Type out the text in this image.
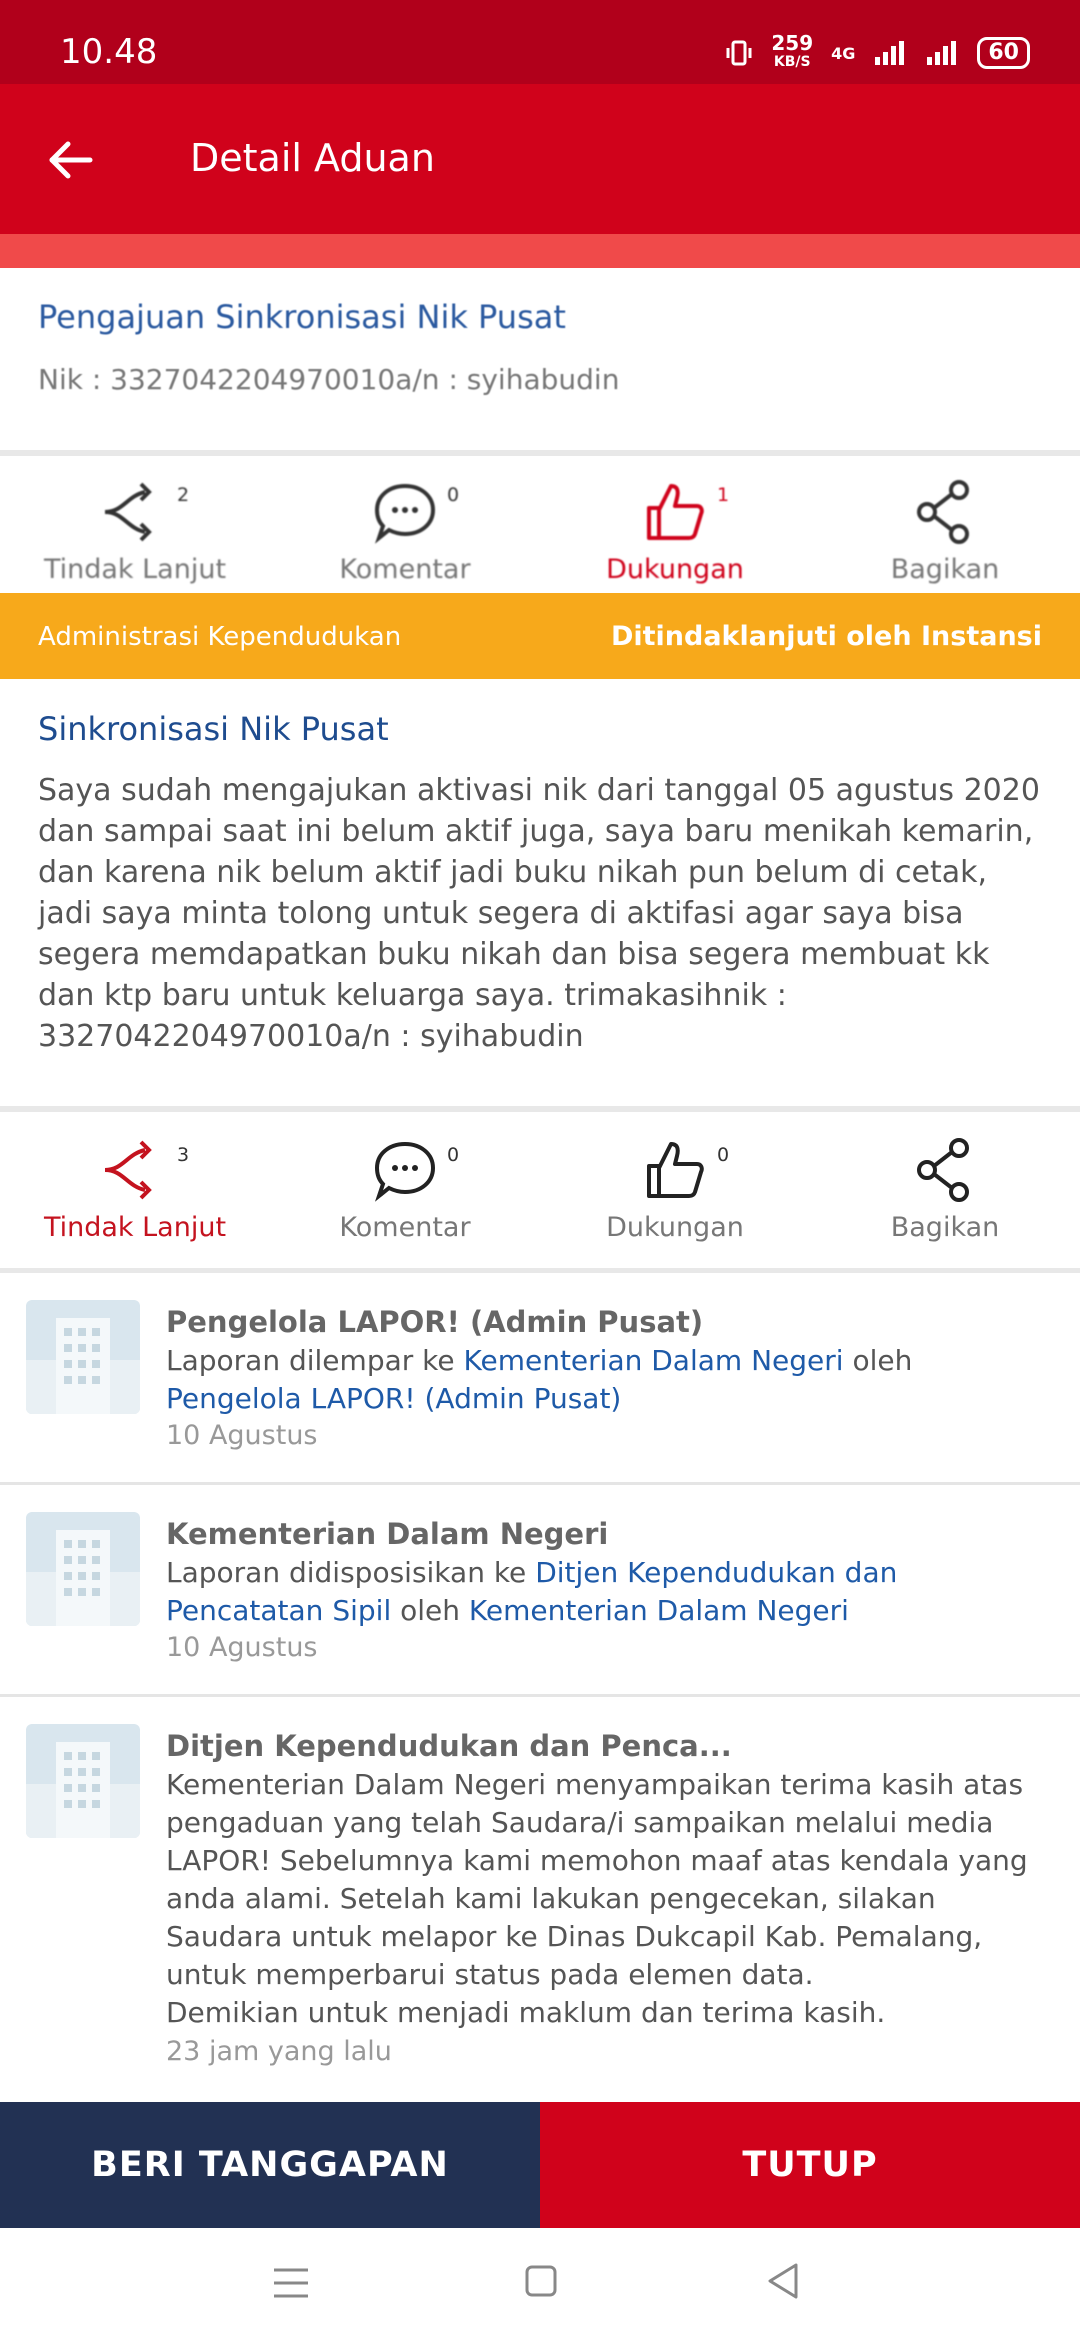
10.48	259
KB/S 4G	60
Detail Aduan
Pengajuan Sinkronisasi Nik Pusat
Nik : 3327042204970010a/n : syihabudin
2
Tindak Lanjut
0
Komentar
1
Dukungan	Bagikan
Administrasi Kependudukan	Ditindaklanjuti oleh Instansi
Sinkronisasi Nik Pusat
Saya sudah mengajukan aktivasi nik dari tanggal 05 agustus 2020 dan sampai saat ini belum aktif juga, saya baru menikah kemarin, dan karena nik belum aktif jadi buku nikah pun belum di cetak, jadi saya minta tolong untuk segera di aktifasi agar saya bisa segera memdapatkan buku nikah dan bisa segera membuat kk dan ktp baru untuk keluarga saya. trimakasihnik : 3327042204970010a/n : syihabudin
3
Tindak Lanjut
0
Komentar
0
Dukungan	Bagikan
Pengelola LAPOR! (Admin Pusat)
Laporan dilempar ke Kementerian Dalam Negeri oleh Pengelola LAPOR! (Admin Pusat)
10 Agustus
Kementerian Dalam Negeri
Laporan didisposisikan ke Ditjen Kependudukan dan Pencatatan Sipil oleh Kementerian Dalam Negeri
10 Agustus
Ditjen Kependudukan dan Penca...
Kementerian Dalam Negeri menyampaikan terima kasih atas pengaduan yang telah Saudara/i sampaikan melalui media LAPOR! Sebelumnya kami memohon maaf atas kendala yang anda alami. Setelah kami lakukan pengecekan, silakan Saudara untuk melapor ke Dinas Dukcapil Kab. Pemalang, untuk memperbarui status pada elemen data.
Demikian untuk menjadi maklum dan terima kasih.
23 jam yang lalu
BERI TANGGAPAN	TUTUP
